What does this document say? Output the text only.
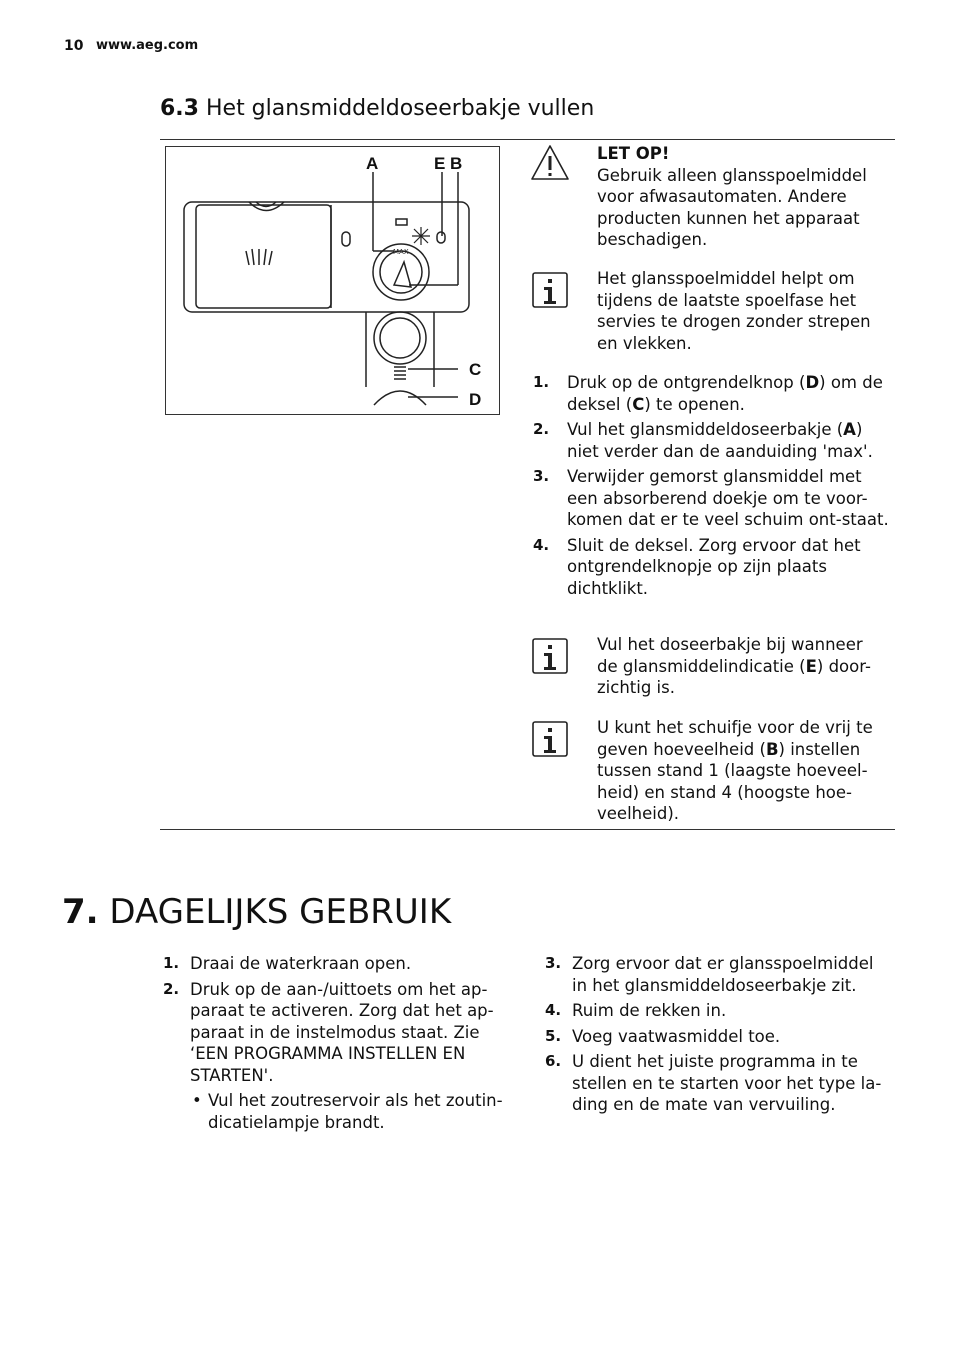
10 www.aeg.com
6.3 Het glansmiddeldoseerbakje vullen
MAX
A	E B
C
D
LET OP!
Gebruik alleen glansspoelmiddel voor afwasautomaten. Andere producten kunnen het apparaat beschadigen.
Het glansspoelmiddel helpt om tijdens de laatste spoelfase het servies te drogen zonder strepen en vlekken.
1. Druk op de ontgrendelknop (D) om de deksel (C) te openen.
2. Vul het glansmiddeldoseerbakje (A) niet verder dan de aanduiding 'max'.
3. Verwijder gemorst glansmiddel met een absorberend doekje om te voor-komen dat er te veel schuim ont-staat.
4. Sluit de deksel. Zorg ervoor dat het ontgrendelknopje op zijn plaats dichtklikt.
Vul het doseerbakje bij wanneer de glansmiddelindicatie (E) door-zichtig is.
U kunt het schuifje voor de vrij te geven hoeveelheid (B) instellen tussen stand 1 (laagste hoeveel-heid) en stand 4 (hoogste hoe-veelheid).
7. DAGELIJKS GEBRUIK
1. Draai de waterkraan open.
2. Druk op de aan-/uittoets om het ap-paraat te activeren. Zorg dat het ap-paraat in de instelmodus staat. Zie ‘EEN PROGRAMMA INSTELLEN EN STARTEN'.
• Vul het zoutreservoir als het zoutin-dicatielampje brandt.
3. Zorg ervoor dat er glansspoelmiddel in het glansmiddeldoseerbakje zit.
4. Ruim de rekken in.
5. Voeg vaatwasmiddel toe.
6. U dient het juiste programma in te stellen en te starten voor het type la-ding en de mate van vervuiling.
